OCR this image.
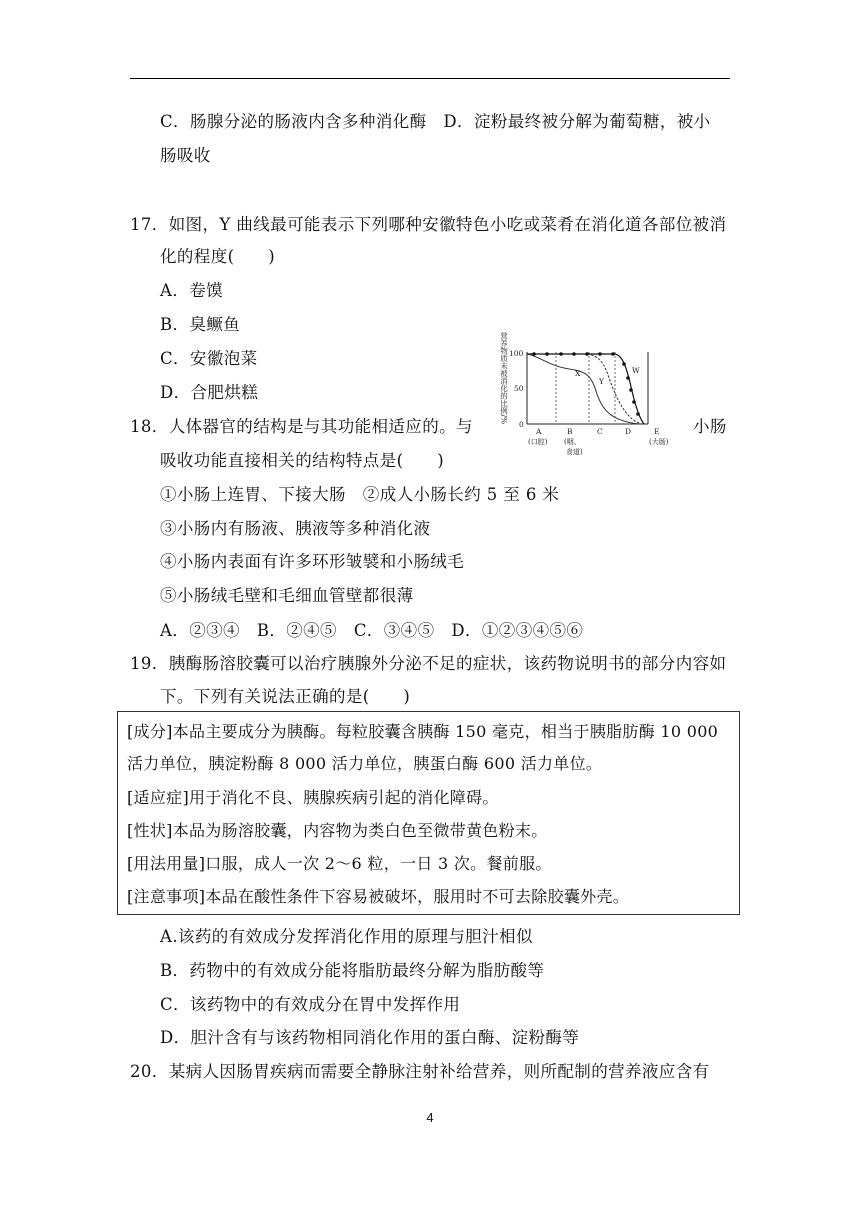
C．肠腺分泌的肠液内含多种消化酶　D．淀粉最终被分解为葡萄糖，被小
肠吸收
17．如图，Y 曲线最可能表示下列哪种安徽特色小吃或菜肴在消化道各部位被消
化的程度(　　)
A．卷馍
B．臭鳜鱼
C．安徽泡菜
D．合肥烘糕	营养物质未被消化的比例/% 100
50
0
X
Y
W
A	B	C	D	E
(口腔) (咽、
食道)
(大肠)
18．人体器官的结构是与其功能相适应的。与	小肠
吸收功能直接相关的结构特点是(　　)
①小肠上连胃、下接大肠　②成人小肠长约 5 至 6 米
③小肠内有肠液、胰液等多种消化液
④小肠内表面有许多环形皱襞和小肠绒毛
⑤小肠绒毛壁和毛细血管壁都很薄
A．②③④　B．②④⑤　C．③④⑤　D．①②③④⑤⑥
19．胰酶肠溶胶囊可以治疗胰腺外分泌不足的症状，该药物说明书的部分内容如
下。下列有关说法正确的是(　　)
[成分]本品主要成分为胰酶。每粒胶囊含胰酶 150 毫克，相当于胰脂肪酶 10 000
活力单位，胰淀粉酶 8 000 活力单位，胰蛋白酶 600 活力单位。
[适应症]用于消化不良、胰腺疾病引起的消化障碍。
[性状]本品为肠溶胶囊，内容物为类白色至微带黄色粉末。
[用法用量]口服，成人一次 2～6 粒，一日 3 次。餐前服。
[注意事项]本品在酸性条件下容易被破坏，服用时不可去除胶囊外壳。
A.该药的有效成分发挥消化作用的原理与胆汁相似
B．药物中的有效成分能将脂肪最终分解为脂肪酸等
C．该药物中的有效成分在胃中发挥作用
D．胆汁含有与该药物相同消化作用的蛋白酶、淀粉酶等
20．某病人因肠胃疾病而需要全静脉注射补给营养，则所配制的营养液应含有
4
